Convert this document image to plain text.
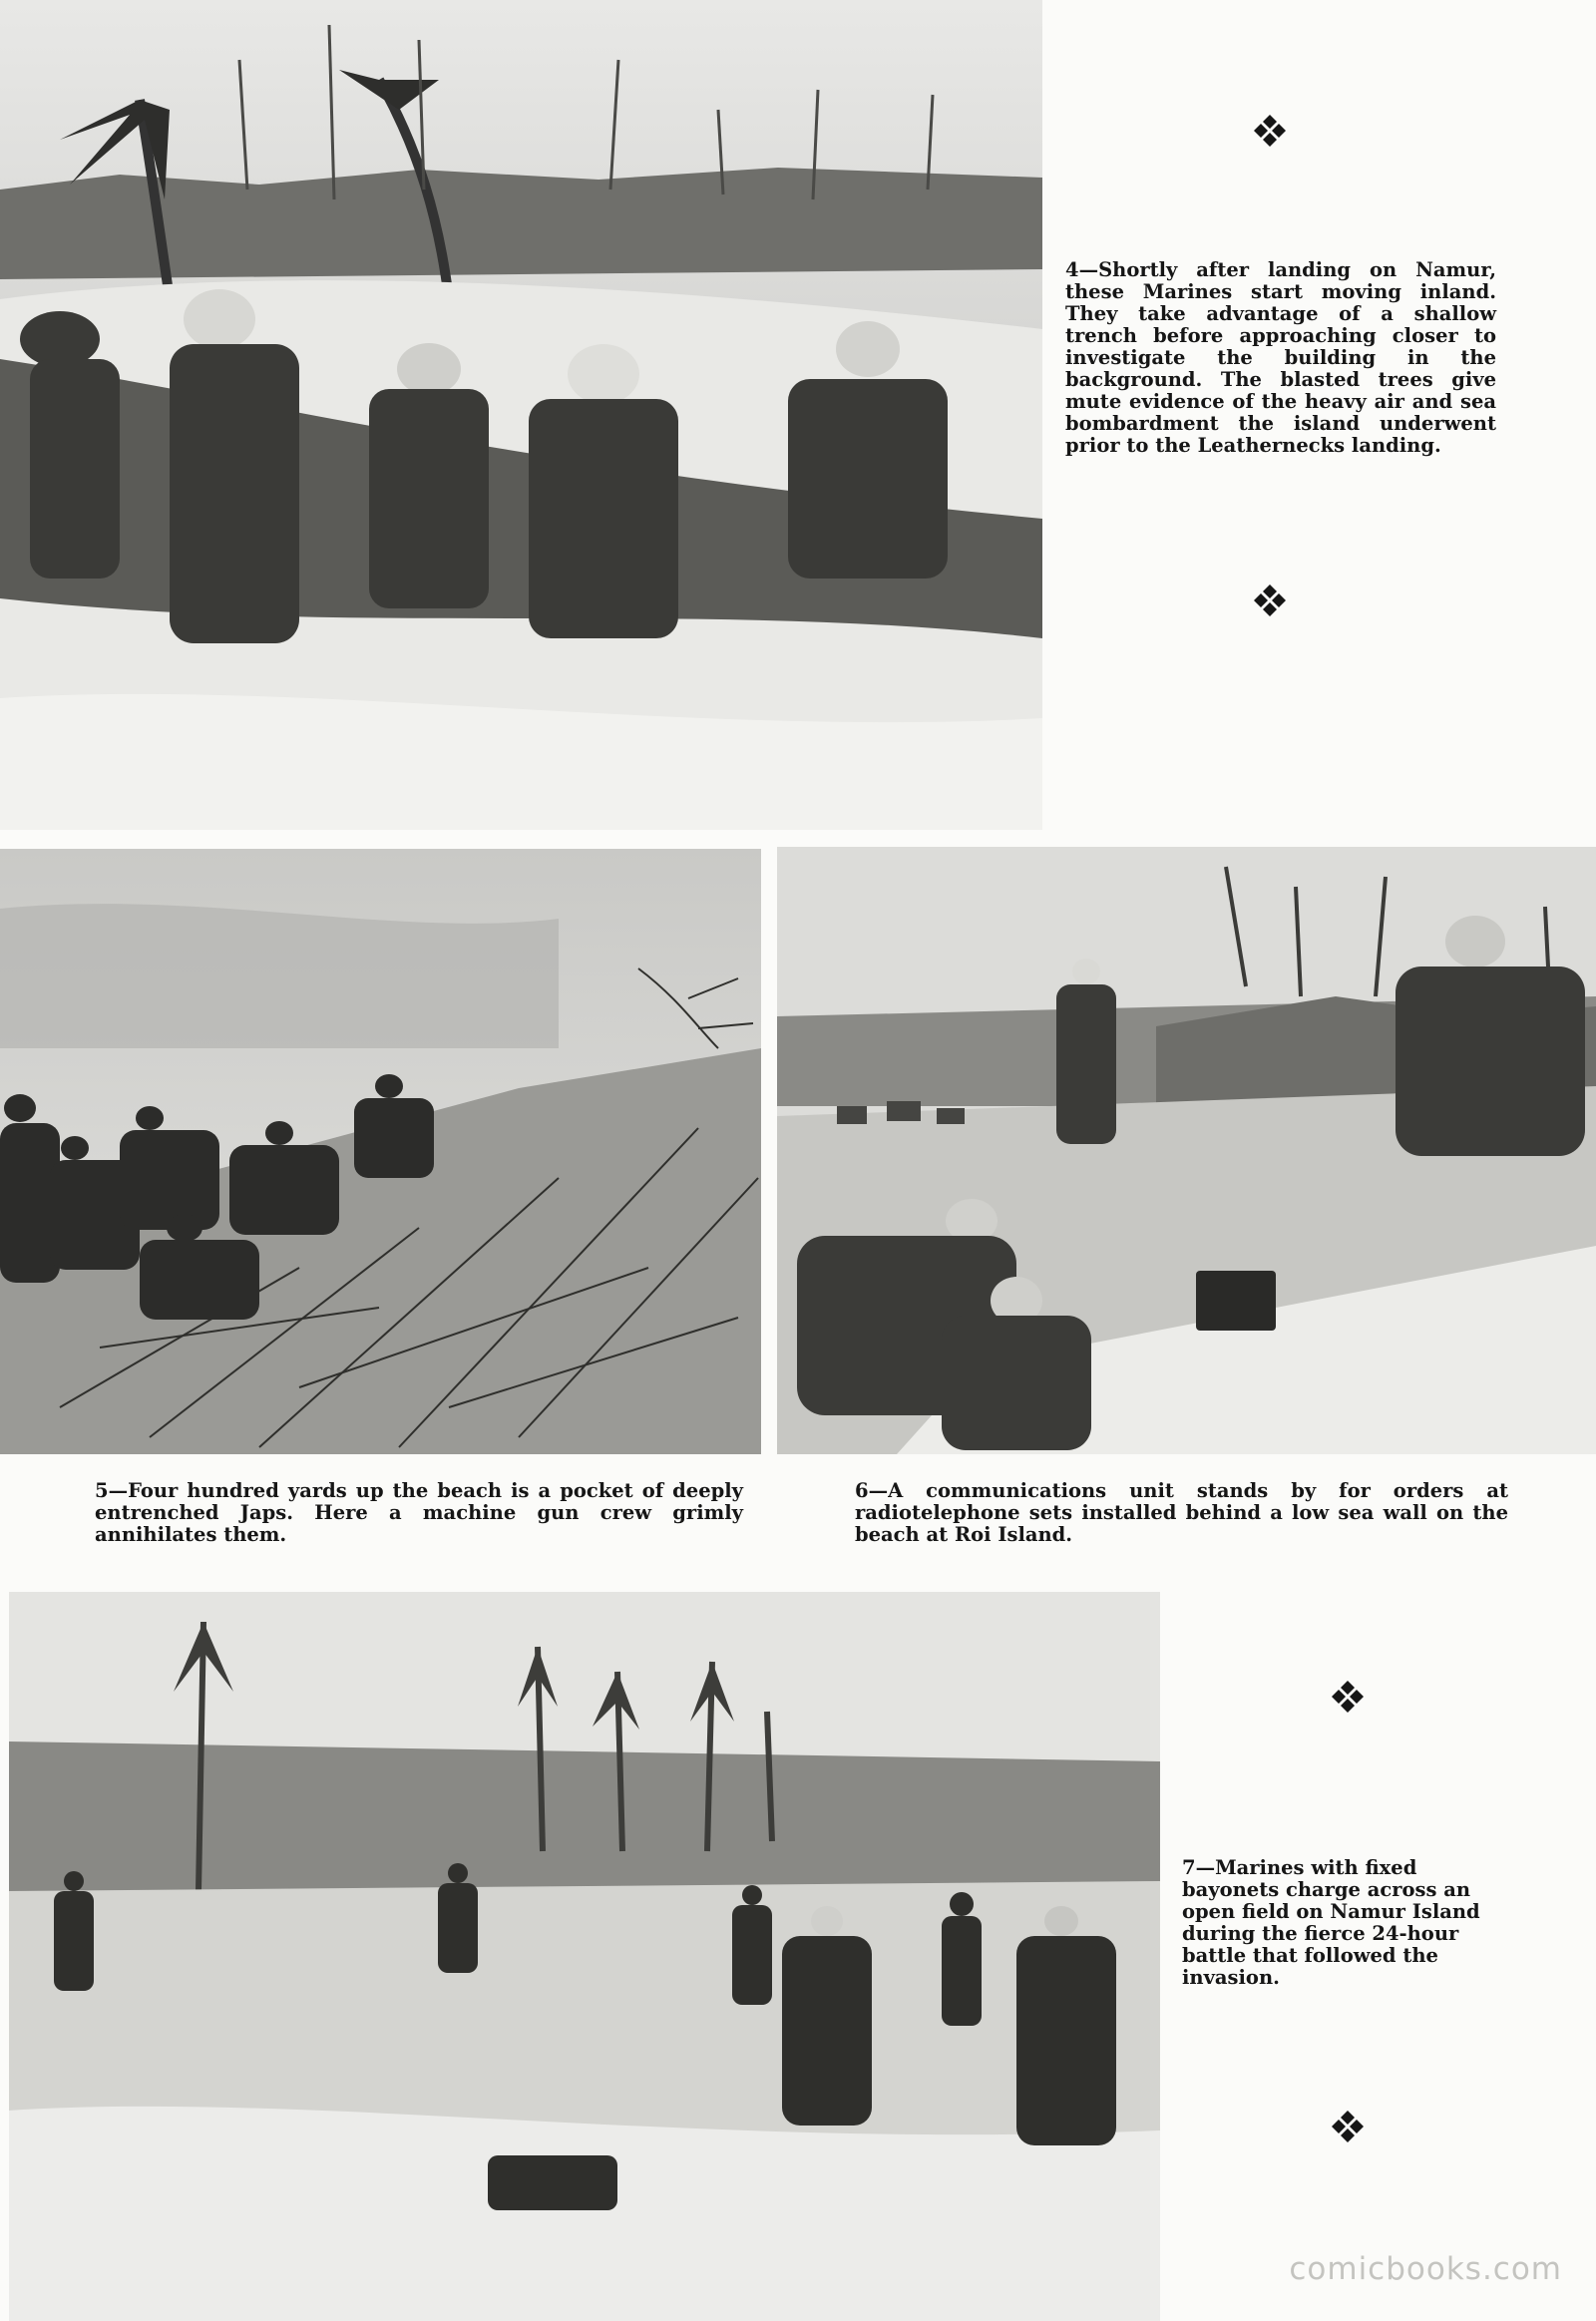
4—Shortly after landing on Namur, these Marines start moving inland. They take advantage of a shallow trench before approaching closer to investigate the building in the background. The blasted trees give mute evidence of the heavy air and sea bombardment the island underwent prior to the Leathernecks landing.

5—Four hundred yards up the beach is a pocket of deeply entrenched Japs. Here a machine gun crew grimly annihilates them.

6—A communications unit stands by for orders at radiotelephone sets installed behind a low sea wall on the beach at Roi Island.

7—Marines with fixed bayonets charge across an open field on Namur Island during the fierce 24-hour battle that followed the invasion.

comicbooks.com
